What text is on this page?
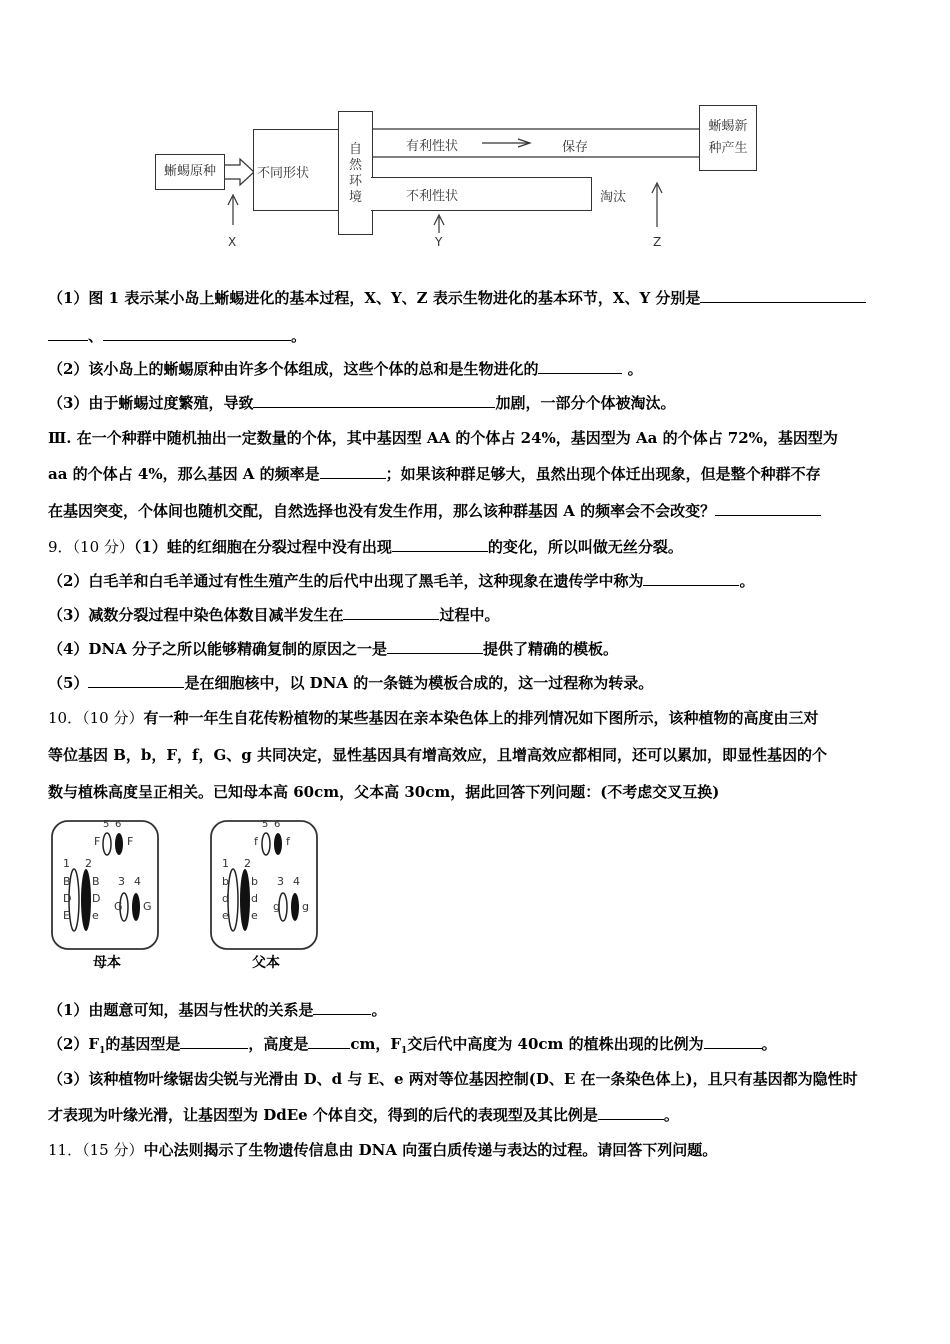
蜥蜴原种	不同形状
自
然
环
境
有利性状	保存
不利性状	淘汰
蜥蜴新
种产生
X	Y	Z
（1）图 1 表示某小岛上蜥蜴进化的基本过程，X、Y、Z 表示生物进化的基本环节，X、Y 分别是
、	。
（2）该小岛上的蜥蜴原种由许多个体组成，这些个体的总和是生物进化的	。
（3）由于蜥蜴过度繁殖，导致	加剧，一部分个体被淘汰。
Ⅲ. 在一个种群中随机抽出一定数量的个体，其中基因型 AA 的个体占 24%，基因型为 Aa 的个体占 72%，基因型为
aa 的个体占 4%，那么基因 A 的频率是	；如果该种群足够大，虽然出现个体迁出现象，但是整个种群不存
在基因突变，个体间也随机交配，自然选择也没有发生作用，那么该种群基因 A 的频率会不会改变？
9．（10 分）（1）蛙的红细胞在分裂过程中没有出现	的变化，所以叫做无丝分裂。
（2）白毛羊和白毛羊通过有性生殖产生的后代中出现了黑毛羊，这种现象在遗传学中称为	。
（3）减数分裂过程中染色体数目减半发生在	过程中。
（4）DNA 分子之所以能够精确复制的原因之一是	提供了精确的模板。
（5）	是在细胞核中，以 DNA 的一条链为模板合成的，这一过程称为转录。
10．（10 分）有一种一年生自花传粉植物的某些基因在亲本染色体上的排列情况如下图所示，该种植物的高度由三对
等位基因 B，b，F，f，G、g 共同决定，显性基因具有增高效应，且增高效应都相同，还可以累加，即显性基因的个
数与植株高度呈正相关。已知母本高 60cm，父本高 30cm，据此回答下列问题：(不考虑交叉互换)
5 6
F F
1 2
B
D
E
B
D
e
3 4
G G
母本
5 6
f	f
1 2
b
d
e
b
d
e
3 4
g g
父本
（1）由题意可知，基因与性状的关系是	。
$(2)F_1$的基因型是	，高度是	cm，$F_1$交后代中高度为 40cm 的植株出现的比例为	。
（3）该种植物叶缘锯齿尖锐与光滑由 D、d 与 E、e 两对等位基因控制(D、E 在一条染色体上)，且只有基因都为隐性时
才表现为叶缘光滑，让基因型为 DdEe 个体自交，得到的后代的表现型及其比例是	。
11．（15 分）中心法则揭示了生物遗传信息由 DNA 向蛋白质传递与表达的过程。请回答下列问题。
